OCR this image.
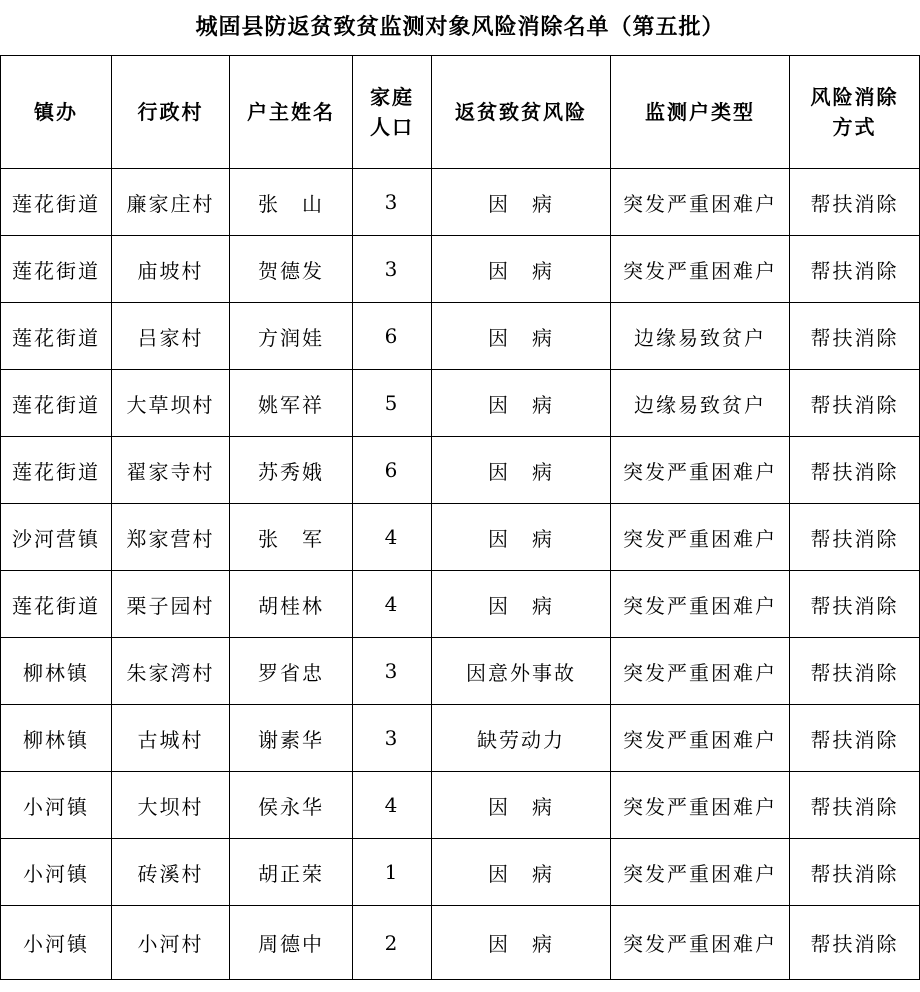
城固县防返贫致贫监测对象风险消除名单（第五批）
镇办	行政村	户主姓名	家庭人口	返贫致贫风险	监测户类型	风险消除方式

莲花街道	廉家庄村	张　山	3	因　病	突发严重困难户	帮扶消除
莲花街道	庙坡村	贺德发	3	因　病	突发严重困难户	帮扶消除
莲花街道	吕家村	方润娃	6	因　病	边缘易致贫户	帮扶消除
莲花街道	大草坝村	姚军祥	5	因　病	边缘易致贫户	帮扶消除
莲花街道	翟家寺村	苏秀娥	6	因　病	突发严重困难户	帮扶消除
沙河营镇	郑家营村	张　军	4	因　病	突发严重困难户	帮扶消除
莲花街道	栗子园村	胡桂林	4	因　病	突发严重困难户	帮扶消除
柳林镇	朱家湾村	罗省忠	3	因意外事故	突发严重困难户	帮扶消除
柳林镇	古城村	谢素华	3	缺劳动力	突发严重困难户	帮扶消除
小河镇	大坝村	侯永华	4	因　病	突发严重困难户	帮扶消除
小河镇	砖溪村	胡正荣	1	因　病	突发严重困难户	帮扶消除
小河镇	小河村	周德中	2	因　病	突发严重困难户	帮扶消除
